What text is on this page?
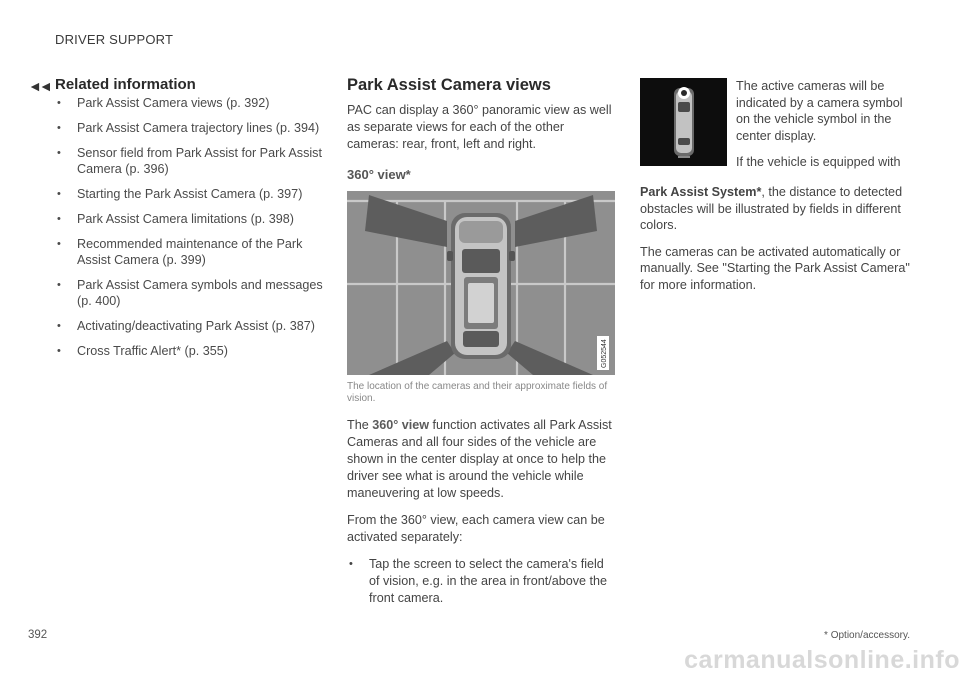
DRIVER SUPPORT
◄◄ Related information
• Park Assist Camera views (p. 392)
• Park Assist Camera trajectory lines (p. 394)
• Sensor field from Park Assist for Park Assist Camera (p. 396)
• Starting the Park Assist Camera (p. 397)
• Park Assist Camera limitations (p. 398)
• Recommended maintenance of the Park Assist Camera (p. 399)
• Park Assist Camera symbols and messages (p. 400)
• Activating/deactivating Park Assist (p. 387)
• Cross Traffic Alert* (p. 355)
Park Assist Camera views

PAC can display a 360° panoramic view as well as separate views for each of the other cameras: rear, front, left and right.

360° view*
G052544
The location of the cameras and their approximate fields of vision.

The 360° view function activates all Park Assist Cameras and all four sides of the vehicle are shown in the center display at once to help the driver see what is around the vehicle while maneuvering at low speeds.

From the 360° view, each camera view can be activated separately:

• Tap the screen to select the camera's field of vision, e.g. in the area in front/above the front camera.

The active cameras will be indicated by a camera symbol on the vehicle symbol in the center display.

If the vehicle is equipped with

Park Assist System*, the distance to detected obstacles will be illustrated by fields in different colors.

The cameras can be activated automatically or manually. See "Starting the Park Assist Camera" for more information.

392	* Option/accessory.
carmanualsonline.info
